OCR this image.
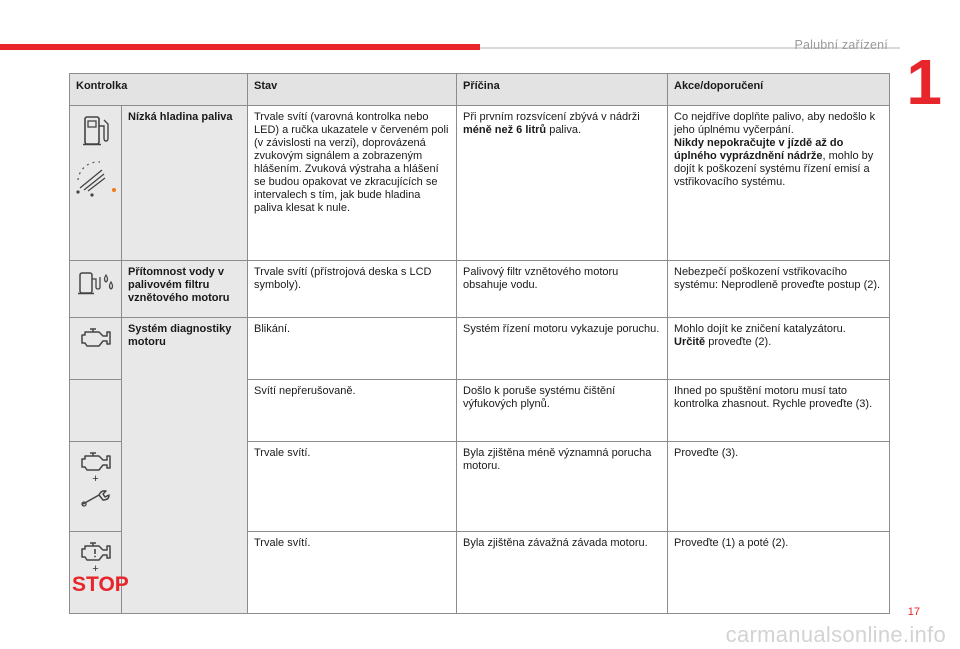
Palubní zařízení
1
Kontrolka		Stav	Příčina	Akce/doporučení

	Nízká hladina paliva	Trvale svítí (varovná kontrolka nebo LED) a ručka ukazatele v červeném poli (v závislosti na verzi), doprovázená zvukovým signálem a zobrazeným hlášením. Zvuková výstraha a hlášení se budou opakovat ve zkracujících se intervalech s tím, jak bude hladina paliva klesat k nule.	Při prvním rozsvícení zbývá v nádrži méně než 6 litrů paliva.	Co nejdříve doplňte palivo, aby nedošlo k jeho úplnému vyčerpání.
Nikdy nepokračujte v jízdě až do úplného vyprázdnění nádrže, mohlo by dojít k poškození systému řízení emisí a vstřikovacího systému.

	Přítomnost vody v palivovém filtru vznětového motoru	Trvale svítí (přístrojová deska s LCD symboly).	Palivový filtr vznětového motoru obsahuje vodu.	Nebezpečí poškození vstřikovacího systému: Neprodleně proveďte postup (2).

	Systém diagnostiky motoru	Blikání.	Systém řízení motoru vykazuje poruchu.	Mohlo dojít ke zničení katalyzátoru.
Určitě proveďte (2).
		Svítí nepřerušovaně.	Došlo k poruše systému čištění výfukových plynů.	Ihned po spuštění motoru musí tato kontrolka zhasnout. Rychle proveďte (3).

+		Trvale svítí.	Byla zjištěna méně významná porucha motoru.	Proveďte (3).

+
STOP		Trvale svítí.	Byla zjištěna závažná závada motoru.	Proveďte (1) a poté (2).
17
carmanualsonline.info
